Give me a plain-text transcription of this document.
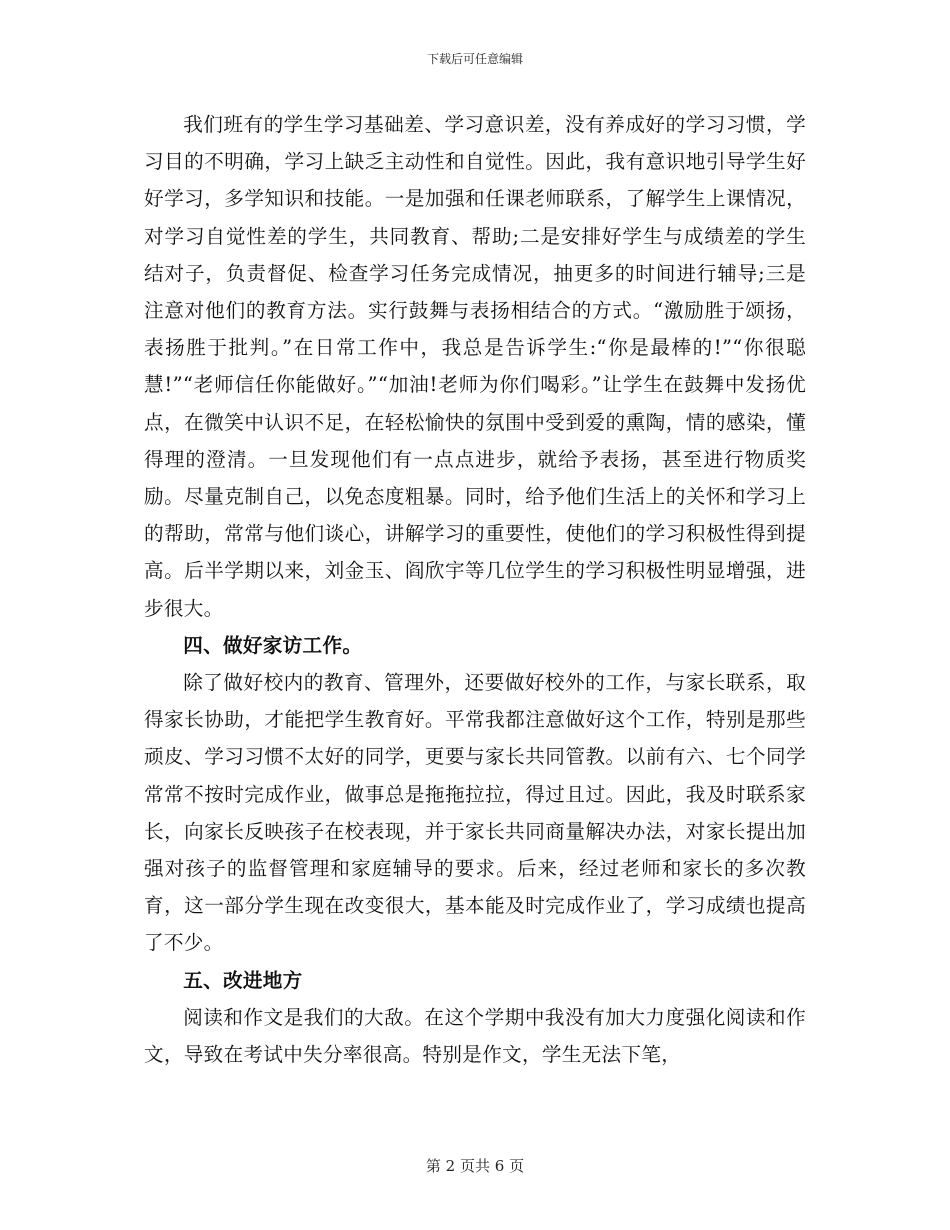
下载后可任意编辑

我们班有的学生学习基础差、学习意识差，没有养成好的学习习惯，学习目的不明确，学习上缺乏主动性和自觉性。因此，我有意识地引导学生好好学习，多学知识和技能。一是加强和任课老师联系，了解学生上课情况，对学习自觉性差的学生，共同教育、帮助;二是安排好学生与成绩差的学生结对子，负责督促、检查学习任务完成情况，抽更多的时间进行辅导;三是注意对他们的教育方法。实行鼓舞与表扬相结合的方式。“激励胜于颂扬，表扬胜于批判。”在日常工作中，我总是告诉学生:“你是最棒的!”“你很聪慧!”“老师信任你能做好。”“加油!老师为你们喝彩。”让学生在鼓舞中发扬优点，在微笑中认识不足，在轻松愉快的氛围中受到爱的熏陶，情的感染，懂得理的澄清。一旦发现他们有一点点进步，就给予表扬，甚至进行物质奖励。尽量克制自己，以免态度粗暴。同时，给予他们生活上的关怀和学习上的帮助，常常与他们谈心，讲解学习的重要性，使他们的学习积极性得到提高。后半学期以来，刘金玉、阎欣宇等几位学生的学习积极性明显增强，进步很大。

四、做好家访工作。

除了做好校内的教育、管理外，还要做好校外的工作，与家长联系，取得家长协助，才能把学生教育好。平常我都注意做好这个工作，特别是那些顽皮、学习习惯不太好的同学，更要与家长共同管教。以前有六、七个同学常常不按时完成作业，做事总是拖拖拉拉，得过且过。因此，我及时联系家长，向家长反映孩子在校表现，并于家长共同商量解决办法，对家长提出加强对孩子的监督管理和家庭辅导的要求。后来，经过老师和家长的多次教育，这一部分学生现在改变很大，基本能及时完成作业了，学习成绩也提高了不少。

五、改进地方

阅读和作文是我们的大敌。在这个学期中我没有加大力度强化阅读和作文，导致在考试中失分率很高。特别是作文，学生无法下笔，

第 2 页共 6 页
